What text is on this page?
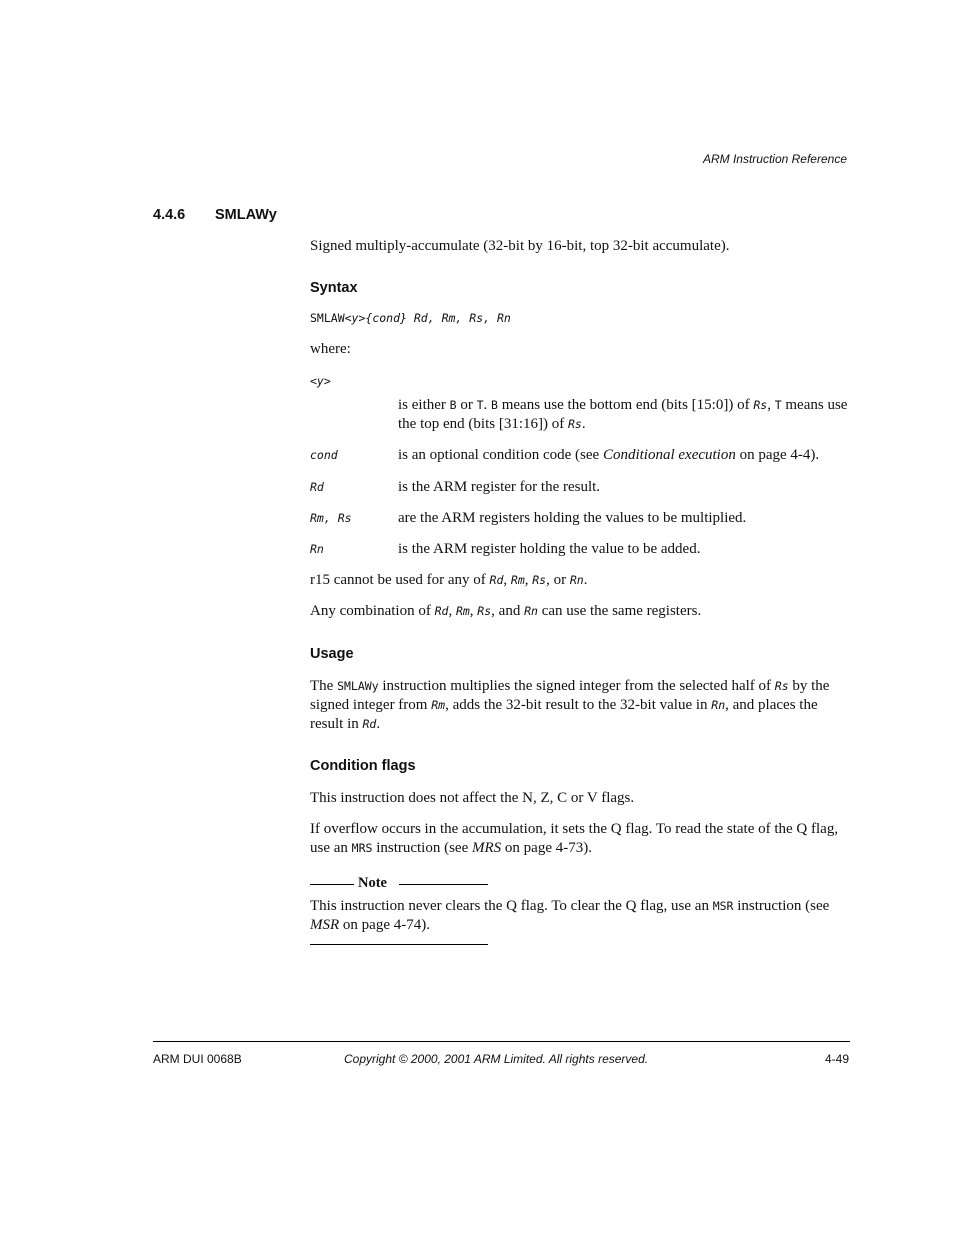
ARM Instruction Reference
4.4.6 SMLAWy
Signed multiply-accumulate (32-bit by 16-bit, top 32-bit accumulate).
Syntax
SMLAW<y>{cond} Rd, Rm, Rs, Rn
where:
<y>
is either B or T. B means use the bottom end (bits [15:0]) of Rs, T means use the top end (bits [31:16]) of Rs.
cond	is an optional condition code (see Conditional execution on page 4-4).
Rd	is the ARM register for the result.
Rm, Rs	are the ARM registers holding the values to be multiplied.
Rn	is the ARM register holding the value to be added.
r15 cannot be used for any of Rd, Rm, Rs, or Rn.
Any combination of Rd, Rm, Rs, and Rn can use the same registers.
Usage
The SMLAWy instruction multiplies the signed integer from the selected half of Rs by the signed integer from Rm, adds the 32-bit result to the 32-bit value in Rn, and places the result in Rd.
Condition flags
This instruction does not affect the N, Z, C or V flags.
If overflow occurs in the accumulation, it sets the Q flag. To read the state of the Q flag, use an MRS instruction (see MRS on page 4-73).
Note
This instruction never clears the Q flag. To clear the Q flag, use an MSR instruction (see MSR on page 4-74).
ARM DUI 0068B	Copyright © 2000, 2001 ARM Limited. All rights reserved.	4-49
